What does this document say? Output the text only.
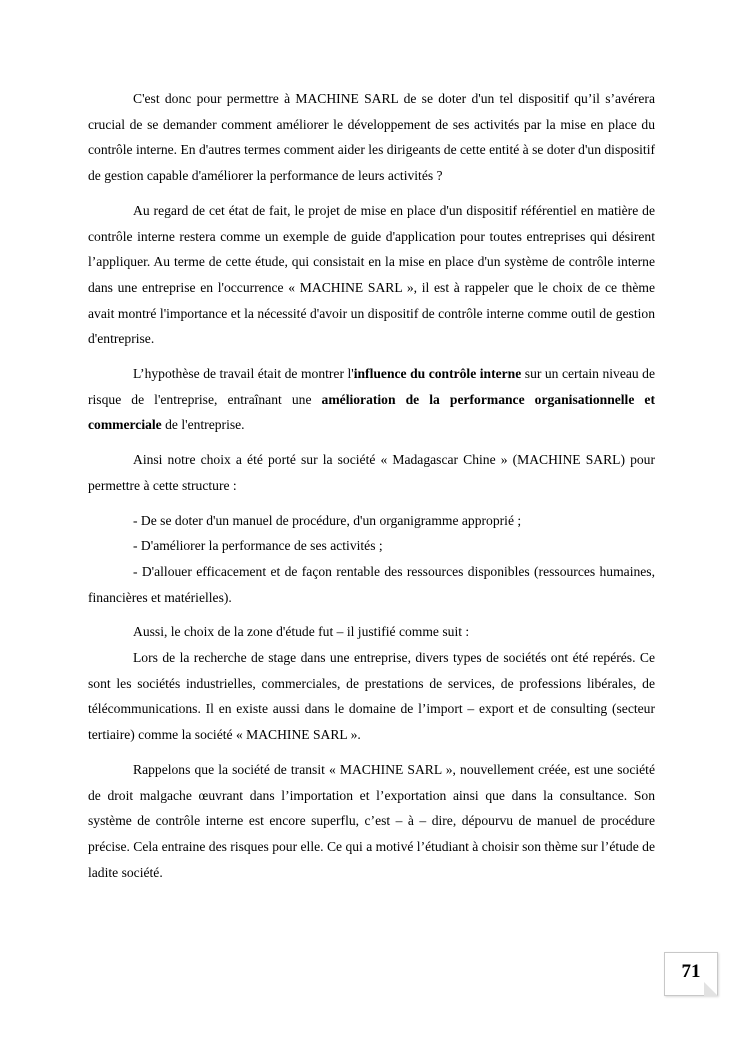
C'est donc pour permettre à MACHINE SARL de se doter d'un tel dispositif qu’il s’avérera crucial de se demander comment améliorer le développement de ses activités par la mise en place du contrôle interne. En d'autres termes comment aider les dirigeants de cette entité à se doter d'un dispositif de gestion capable d'améliorer la performance de leurs activités ?

Au regard de cet état de fait, le projet de mise en place d'un dispositif référentiel en matière de contrôle interne restera comme un exemple de guide d'application pour toutes entreprises qui désirent l’appliquer. Au terme de cette étude, qui consistait en la mise en place d'un système de contrôle interne dans une entreprise en l'occurrence « MACHINE SARL », il est à rappeler que le choix de ce thème avait montré l'importance et la nécessité d'avoir un dispositif de contrôle interne comme outil de gestion d'entreprise.

L’hypothèse de travail était de montrer l'influence du contrôle interne sur un certain niveau de risque de l'entreprise, entraînant une amélioration de la performance organisationnelle et commerciale de l'entreprise.

Ainsi notre choix a été porté sur la société « Madagascar Chine » (MACHINE SARL) pour permettre à cette structure :

- De se doter d'un manuel de procédure, d'un organigramme approprié ;

- D'améliorer la performance de ses activités ;

- D'allouer efficacement et de façon rentable des ressources disponibles (ressources humaines, financières et matérielles).

Aussi, le choix de la zone d'étude fut – il justifié comme suit :

Lors de la recherche de stage dans une entreprise, divers types de sociétés ont été repérés. Ce sont les sociétés industrielles, commerciales, de prestations de services, de professions libérales, de télécommunications. Il en existe aussi dans le domaine de l’import – export et de consulting (secteur tertiaire) comme la société « MACHINE SARL ».

Rappelons que la société de transit « MACHINE SARL », nouvellement créée, est une société de droit malgache œuvrant dans l’importation et l’exportation ainsi que dans la consultance. Son système de contrôle interne est encore superflu, c’est – à – dire, dépourvu de manuel de procédure précise. Cela entraine des risques pour elle. Ce qui a motivé l’étudiant à choisir son thème sur l’étude de ladite société.

71
